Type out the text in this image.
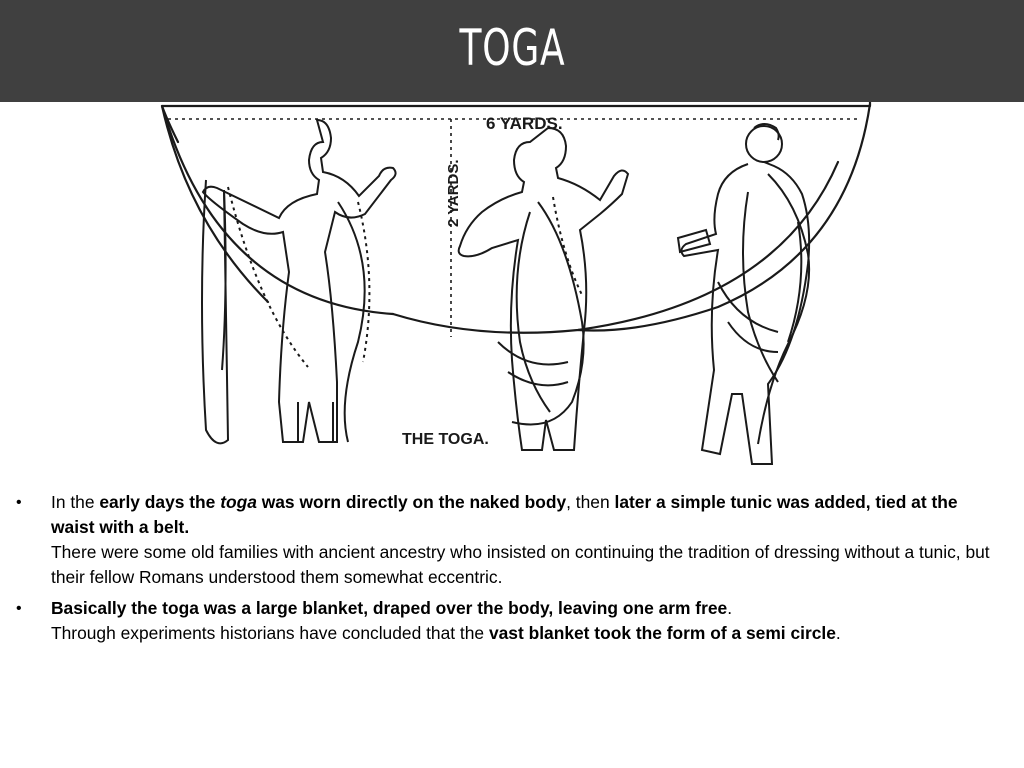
TOGA
6 YARDS.
2 YARDS.
THE TOGA.
•	In the early days the toga was worn directly on the naked body, then later a simple tunic was added, tied at the waist with a belt.
There were some old families with ancient ancestry who insisted on continuing the tradition of dressing without a tunic, but their fellow Romans understood them somewhat eccentric.
•	Basically the toga was a large blanket, draped over the body, leaving one arm free.
Through experiments historians have concluded that the vast blanket took the form of a semi circle.
